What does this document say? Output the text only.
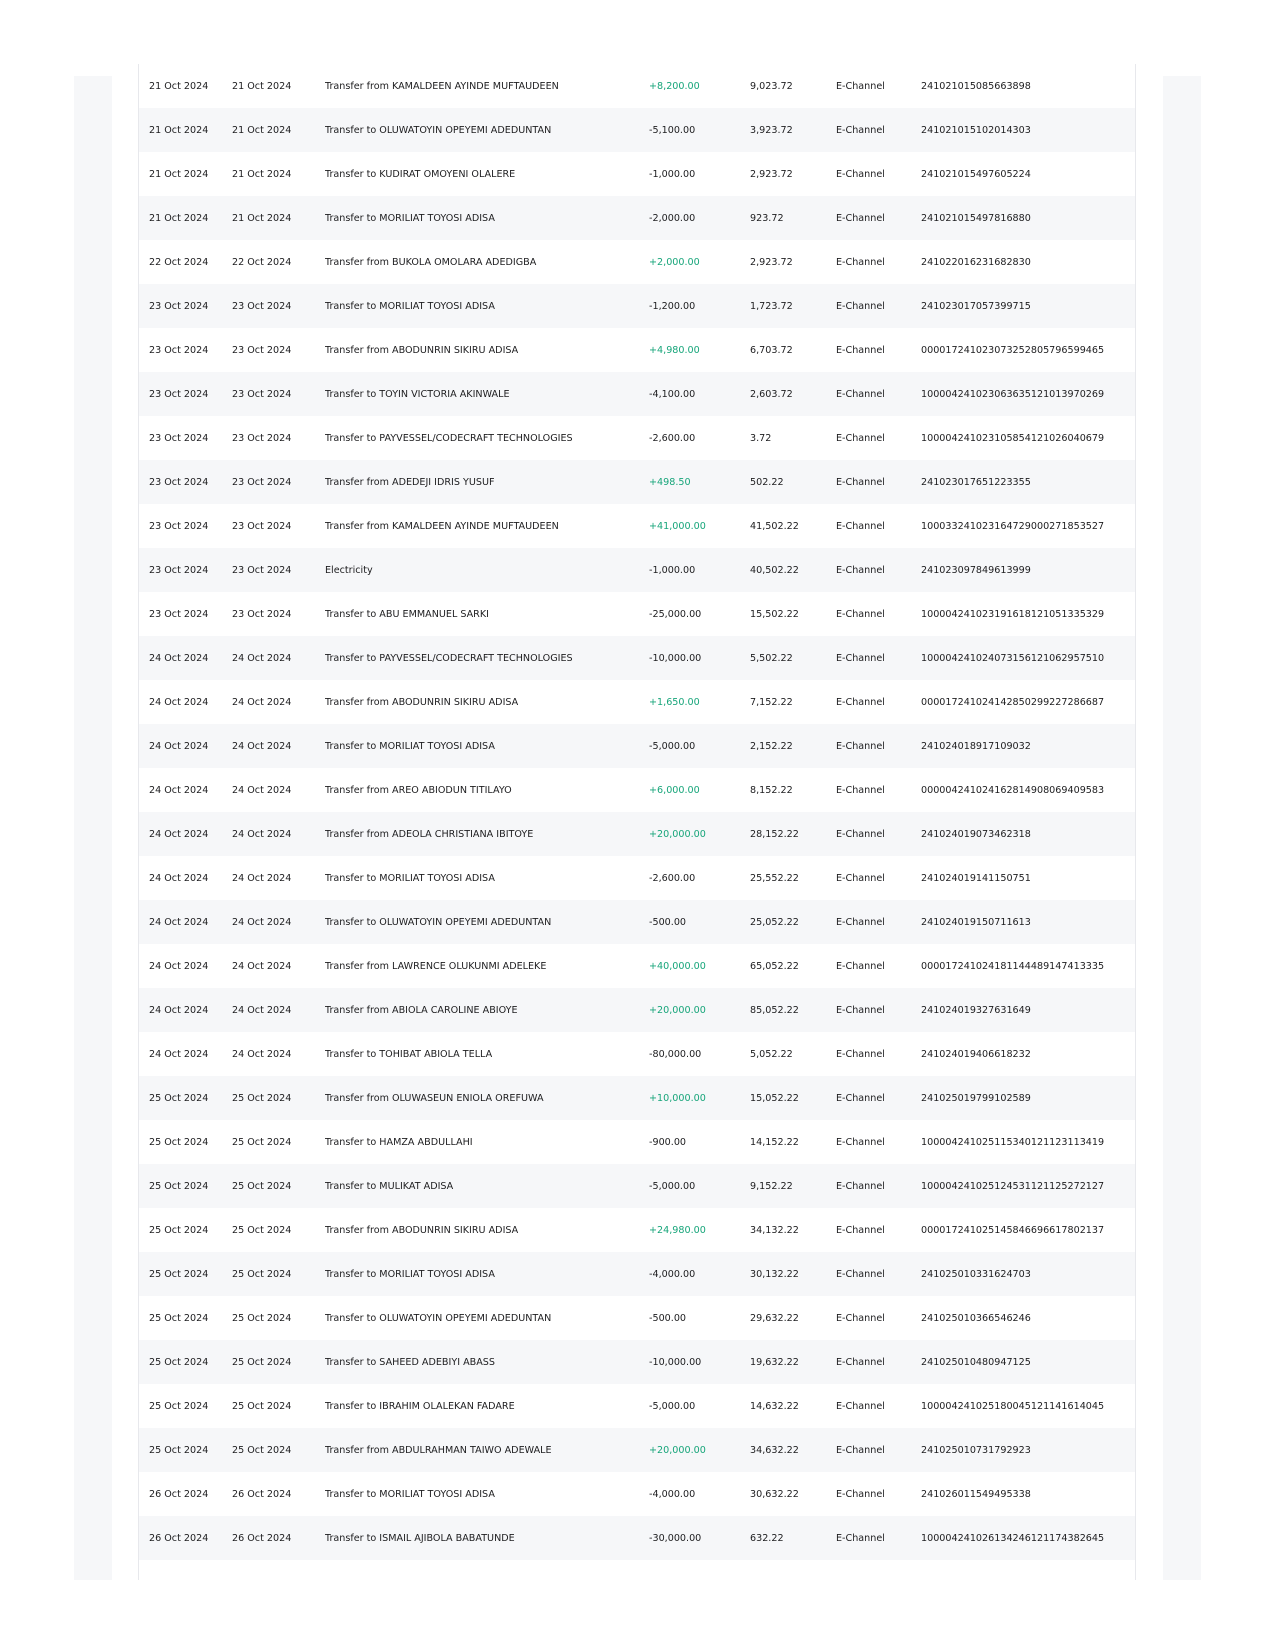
21 Oct 2024	21 Oct 2024	Transfer from KAMALDEEN AYINDE MUFTAUDEEN	+8,200.00	9,023.72	E-Channel	241021015085663898
21 Oct 2024	21 Oct 2024	Transfer to OLUWATOYIN OPEYEMI ADEDUNTAN	-5,100.00	3,923.72	E-Channel	241021015102014303
21 Oct 2024	21 Oct 2024	Transfer to KUDIRAT OMOYENI OLALERE	-1,000.00	2,923.72	E-Channel	241021015497605224
21 Oct 2024	21 Oct 2024	Transfer to MORILIAT TOYOSI ADISA	-2,000.00	923.72	E-Channel	241021015497816880
22 Oct 2024	22 Oct 2024	Transfer from BUKOLA OMOLARA ADEDIGBA	+2,000.00	2,923.72	E-Channel	241022016231682830
23 Oct 2024	23 Oct 2024	Transfer to MORILIAT TOYOSI ADISA	-1,200.00	1,723.72	E-Channel	241023017057399715
23 Oct 2024	23 Oct 2024	Transfer from ABODUNRIN SIKIRU ADISA	+4,980.00	6,703.72	E-Channel	000017241023073252805796599465
23 Oct 2024	23 Oct 2024	Transfer to TOYIN VICTORIA AKINWALE	-4,100.00	2,603.72	E-Channel	100004241023063635121013970269
23 Oct 2024	23 Oct 2024	Transfer to PAYVESSEL/CODECRAFT TECHNOLOGIES	-2,600.00	3.72	E-Channel	100004241023105854121026040679
23 Oct 2024	23 Oct 2024	Transfer from ADEDEJI IDRIS YUSUF	+498.50	502.22	E-Channel	241023017651223355
23 Oct 2024	23 Oct 2024	Transfer from KAMALDEEN AYINDE MUFTAUDEEN	+41,000.00	41,502.22	E-Channel	100033241023164729000271853527
23 Oct 2024	23 Oct 2024	Electricity	-1,000.00	40,502.22	E-Channel	241023097849613999
23 Oct 2024	23 Oct 2024	Transfer to ABU EMMANUEL SARKI	-25,000.00	15,502.22	E-Channel	100004241023191618121051335329
24 Oct 2024	24 Oct 2024	Transfer to PAYVESSEL/CODECRAFT TECHNOLOGIES	-10,000.00	5,502.22	E-Channel	100004241024073156121062957510
24 Oct 2024	24 Oct 2024	Transfer from ABODUNRIN SIKIRU ADISA	+1,650.00	7,152.22	E-Channel	000017241024142850299227286687
24 Oct 2024	24 Oct 2024	Transfer to MORILIAT TOYOSI ADISA	-5,000.00	2,152.22	E-Channel	241024018917109032
24 Oct 2024	24 Oct 2024	Transfer from AREO ABIODUN TITILAYO	+6,000.00	8,152.22	E-Channel	000004241024162814908069409583
24 Oct 2024	24 Oct 2024	Transfer from ADEOLA CHRISTIANA IBITOYE	+20,000.00	28,152.22	E-Channel	241024019073462318
24 Oct 2024	24 Oct 2024	Transfer to MORILIAT TOYOSI ADISA	-2,600.00	25,552.22	E-Channel	241024019141150751
24 Oct 2024	24 Oct 2024	Transfer to OLUWATOYIN OPEYEMI ADEDUNTAN	-500.00	25,052.22	E-Channel	241024019150711613
24 Oct 2024	24 Oct 2024	Transfer from LAWRENCE OLUKUNMI ADELEKE	+40,000.00	65,052.22	E-Channel	000017241024181144489147413335
24 Oct 2024	24 Oct 2024	Transfer from ABIOLA CAROLINE ABIOYE	+20,000.00	85,052.22	E-Channel	241024019327631649
24 Oct 2024	24 Oct 2024	Transfer to TOHIBAT ABIOLA TELLA	-80,000.00	5,052.22	E-Channel	241024019406618232
25 Oct 2024	25 Oct 2024	Transfer from OLUWASEUN ENIOLA OREFUWA	+10,000.00	15,052.22	E-Channel	241025019799102589
25 Oct 2024	25 Oct 2024	Transfer to HAMZA ABDULLAHI	-900.00	14,152.22	E-Channel	100004241025115340121123113419
25 Oct 2024	25 Oct 2024	Transfer to MULIKAT ADISA	-5,000.00	9,152.22	E-Channel	100004241025124531121125272127
25 Oct 2024	25 Oct 2024	Transfer from ABODUNRIN SIKIRU ADISA	+24,980.00	34,132.22	E-Channel	000017241025145846696617802137
25 Oct 2024	25 Oct 2024	Transfer to MORILIAT TOYOSI ADISA	-4,000.00	30,132.22	E-Channel	241025010331624703
25 Oct 2024	25 Oct 2024	Transfer to OLUWATOYIN OPEYEMI ADEDUNTAN	-500.00	29,632.22	E-Channel	241025010366546246
25 Oct 2024	25 Oct 2024	Transfer to SAHEED ADEBIYI ABASS	-10,000.00	19,632.22	E-Channel	241025010480947125
25 Oct 2024	25 Oct 2024	Transfer to IBRAHIM OLALEKAN FADARE	-5,000.00	14,632.22	E-Channel	100004241025180045121141614045
25 Oct 2024	25 Oct 2024	Transfer from ABDULRAHMAN TAIWO ADEWALE	+20,000.00	34,632.22	E-Channel	241025010731792923
26 Oct 2024	26 Oct 2024	Transfer to MORILIAT TOYOSI ADISA	-4,000.00	30,632.22	E-Channel	241026011549495338
26 Oct 2024	26 Oct 2024	Transfer to ISMAIL AJIBOLA BABATUNDE	-30,000.00	632.22	E-Channel	100004241026134246121174382645
